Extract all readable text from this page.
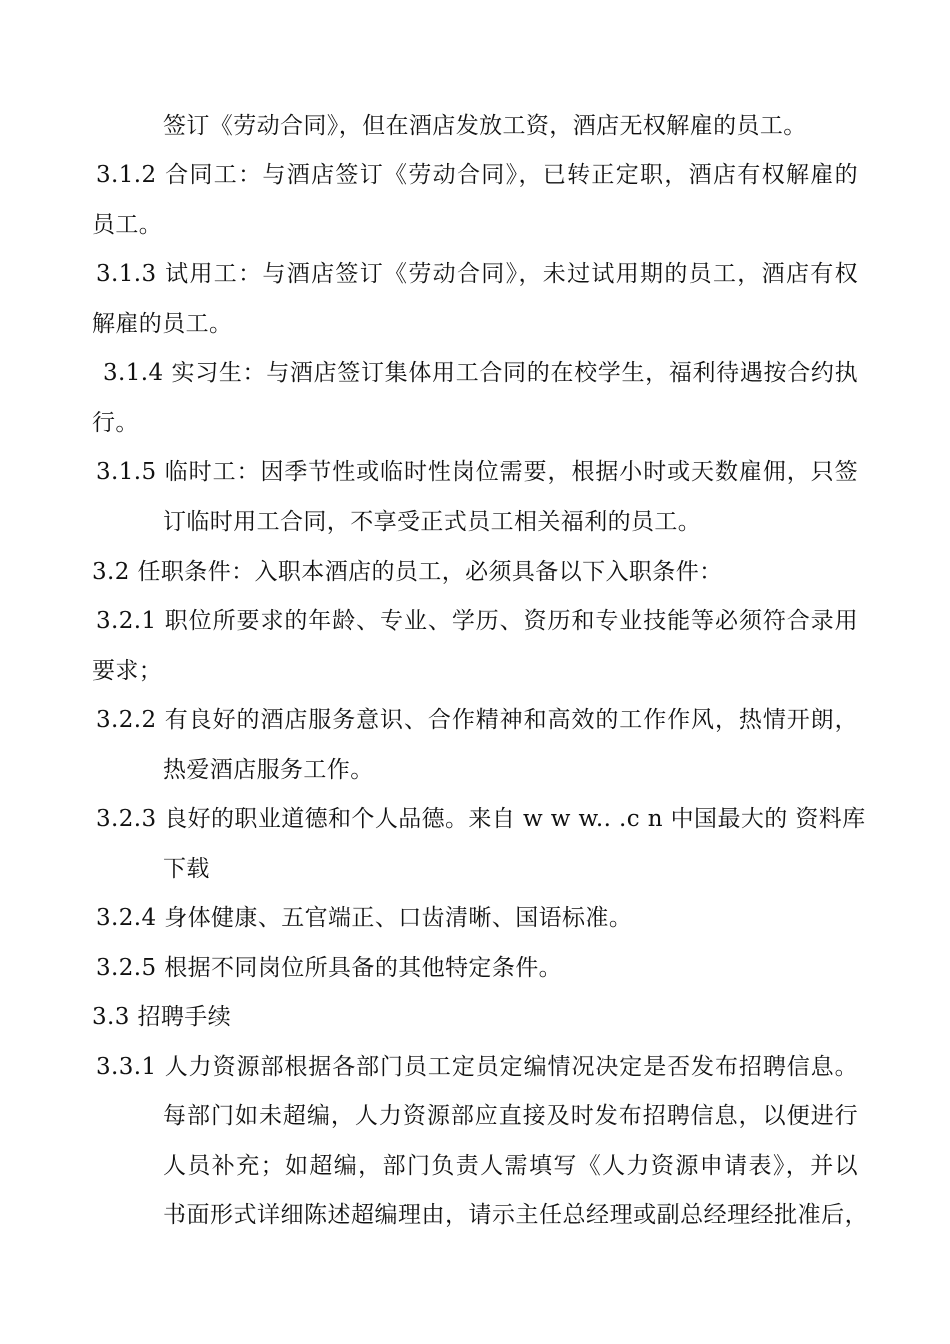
签订《劳动合同》，但在酒店发放工资，酒店无权解雇的员工。
3.1.2 合同工：与酒店签订《劳动合同》，已转正定职，酒店有权解雇的
员工。
3.1.3 试用工：与酒店签订《劳动合同》，未过试用期的员工，酒店有权
解雇的员工。
3.1.4 实习生：与酒店签订集体用工合同的在校学生，福利待遇按合约执
行。
3.1.5 临时工：因季节性或临时性岗位需要，根据小时或天数雇佣，只签
订临时用工合同，不享受正式员工相关福利的员工。
3.2 任职条件：入职本酒店的员工，必须具备以下入职条件：
3.2.1 职位所要求的年龄、专业、学历、资历和专业技能等必须符合录用
要求；
3.2.2 有良好的酒店服务意识、合作精神和高效的工作作风，热情开朗，
热爱酒店服务工作。
3.2.3 良好的职业道德和个人品德。来自 w w w.. .c n 中国最大的 资料库
下载
3.2.4 身体健康、五官端正、口齿清晰、国语标准。
3.2.5 根据不同岗位所具备的其他特定条件。
3.3 招聘手续
3.3.1 人力资源部根据各部门员工定员定编情况决定是否发布招聘信息。
每部门如未超编，人力资源部应直接及时发布招聘信息，以便进行
人员补充；如超编，部门负责人需填写《人力资源申请表》，并以
书面形式详细陈述超编理由，请示主任总经理或副总经理经批准后，
